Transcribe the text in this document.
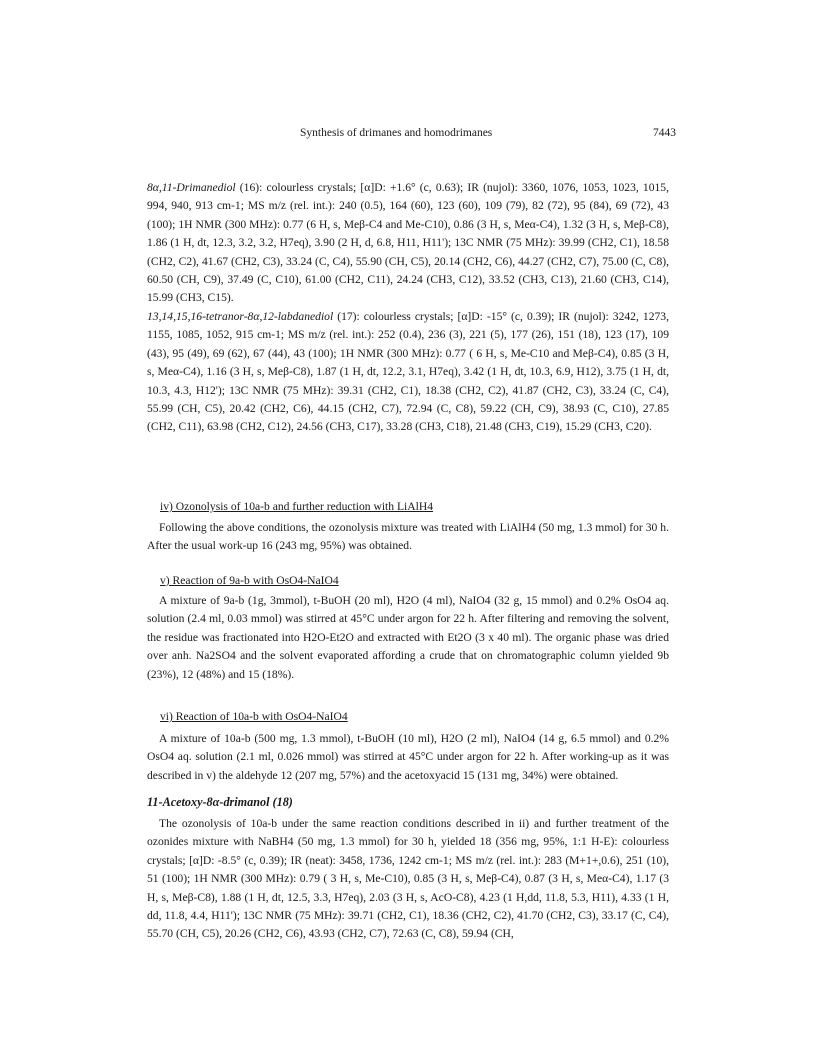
Synthesis of drimanes and homodrimanes	7443

8α,11-Drimanediol (16): colourless crystals; [α]D: +1.6° (c, 0.63); IR (nujol): 3360, 1076, 1053, 1023, 1015, 994, 940, 913 cm-1; MS m/z (rel. int.): 240 (0.5), 164 (60), 123 (60), 109 (79), 82 (72), 95 (84), 69 (72), 43 (100); 1H NMR (300 MHz): 0.77 (6 H, s, Meβ-C4 and Me-C10), 0.86 (3 H, s, Meα-C4), 1.32 (3 H, s, Meβ-C8), 1.86 (1 H, dt, 12.3, 3.2, 3.2, H7eq), 3.90 (2 H, d, 6.8, H11, H11'); 13C NMR (75 MHz): 39.99 (CH2, C1), 18.58 (CH2, C2), 41.67 (CH2, C3), 33.24 (C, C4), 55.90 (CH, C5), 20.14 (CH2, C6), 44.27 (CH2, C7), 75.00 (C, C8), 60.50 (CH, C9), 37.49 (C, C10), 61.00 (CH2, C11), 24.24 (CH3, C12), 33.52 (CH3, C13), 21.60 (CH3, C14), 15.99 (CH3, C15).

13,14,15,16-tetranor-8α,12-labdanediol (17): colourless crystals; [α]D: -15° (c, 0.39); IR (nujol): 3242, 1273, 1155, 1085, 1052, 915 cm-1; MS m/z (rel. int.): 252 (0.4), 236 (3), 221 (5), 177 (26), 151 (18), 123 (17), 109 (43), 95 (49), 69 (62), 67 (44), 43 (100); 1H NMR (300 MHz): 0.77 ( 6 H, s, Me-C10 and Meβ-C4), 0.85 (3 H, s, Meα-C4), 1.16 (3 H, s, Meβ-C8), 1.87 (1 H, dt, 12.2, 3.1, H7eq), 3.42 (1 H, dt, 10.3, 6.9, H12), 3.75 (1 H, dt, 10.3, 4.3, H12'); 13C NMR (75 MHz): 39.31 (CH2, C1), 18.38 (CH2, C2), 41.87 (CH2, C3), 33.24 (C, C4), 55.99 (CH, C5), 20.42 (CH2, C6), 44.15 (CH2, C7), 72.94 (C, C8), 59.22 (CH, C9), 38.93 (C, C10), 27.85 (CH2, C11), 63.98 (CH2, C12), 24.56 (CH3, C17), 33.28 (CH3, C18), 21.48 (CH3, C19), 15.29 (CH3, C20).

iv) Ozonolysis of 10a-b and further reduction with LiAlH4

Following the above conditions, the ozonolysis mixture was treated with LiAlH4 (50 mg, 1.3 mmol) for 30 h. After the usual work-up 16 (243 mg, 95%) was obtained.

v) Reaction of 9a-b with OsO4-NaIO4

A mixture of 9a-b (1g, 3mmol), t-BuOH (20 ml), H2O (4 ml), NaIO4 (32 g, 15 mmol) and 0.2% OsO4 aq. solution (2.4 ml, 0.03 mmol) was stirred at 45°C under argon for 22 h. After filtering and removing the solvent, the residue was fractionated into H2O-Et2O and extracted with Et2O (3 x 40 ml). The organic phase was dried over anh. Na2SO4 and the solvent evaporated affording a crude that on chromatographic column yielded 9b (23%), 12 (48%) and 15 (18%).

vi) Reaction of 10a-b with OsO4-NaIO4

A mixture of 10a-b (500 mg, 1.3 mmol), t-BuOH (10 ml), H2O (2 ml), NaIO4 (14 g, 6.5 mmol) and 0.2% OsO4 aq. solution (2.1 ml, 0.026 mmol) was stirred at 45°C under argon for 22 h. After working-up as it was described in v) the aldehyde 12 (207 mg, 57%) and the acetoxyacid 15 (131 mg, 34%) were obtained.

11-Acetoxy-8α-drimanol (18)

The ozonolysis of 10a-b under the same reaction conditions described in ii) and further treatment of the ozonides mixture with NaBH4 (50 mg, 1.3 mmol) for 30 h, yielded 18 (356 mg, 95%, 1:1 H-E): colourless crystals; [α]D: -8.5° (c, 0.39); IR (neat): 3458, 1736, 1242 cm-1; MS m/z (rel. int.): 283 (M+1+,0.6), 251 (10), 51 (100); 1H NMR (300 MHz): 0.79 ( 3 H, s, Me-C10), 0.85 (3 H, s, Meβ-C4), 0.87 (3 H, s, Meα-C4), 1.17 (3 H, s, Meβ-C8), 1.88 (1 H, dt, 12.5, 3.3, H7eq), 2.03 (3 H, s, AcO-C8), 4.23 (1 H,dd, 11.8, 5.3, H11), 4.33 (1 H, dd, 11.8, 4.4, H11'); 13C NMR (75 MHz): 39.71 (CH2, C1), 18.36 (CH2, C2), 41.70 (CH2, C3), 33.17 (C, C4), 55.70 (CH, C5), 20.26 (CH2, C6), 43.93 (CH2, C7), 72.63 (C, C8), 59.94 (CH,
